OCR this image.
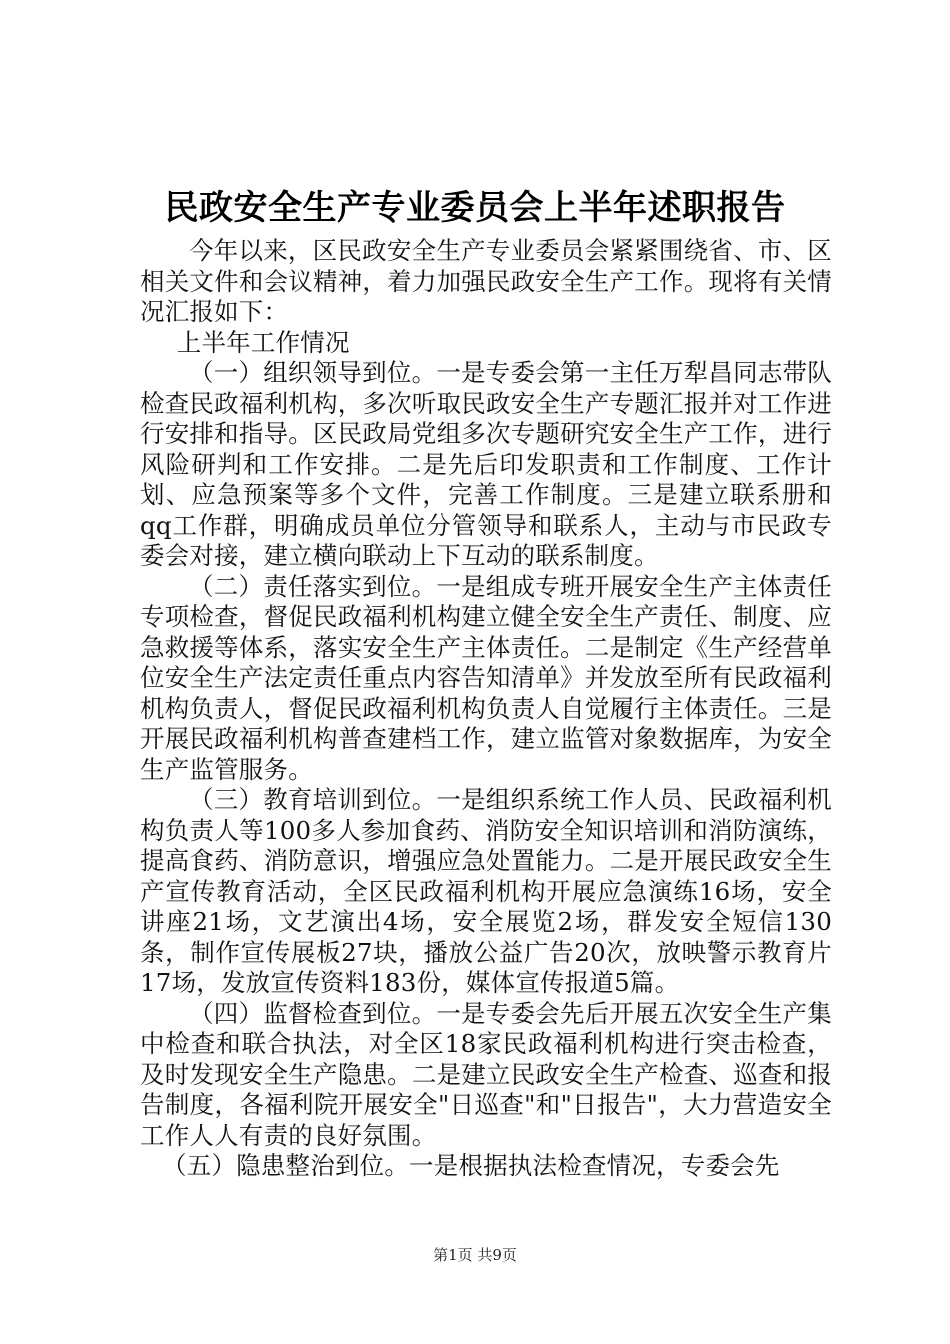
民政安全生产专业委员会上半年述职报告

今年以来，区民政安全生产专业委员会紧紧围绕省、市、区相关文件和会议精神，着力加强民政安全生产工作。现将有关情况汇报如下：

上半年工作情况

（一）组织领导到位。一是专委会第一主任万犁昌同志带队检查民政福利机构，多次听取民政安全生产专题汇报并对工作进行安排和指导。区民政局党组多次专题研究安全生产工作，进行风险研判和工作安排。二是先后印发职责和工作制度、工作计划、应急预案等多个文件，完善工作制度。三是建立联系册和qq工作群，明确成员单位分管领导和联系人，主动与市民政专委会对接，建立横向联动上下互动的联系制度。

（二）责任落实到位。一是组成专班开展安全生产主体责任专项检查，督促民政福利机构建立健全安全生产责任、制度、应急救援等体系，落实安全生产主体责任。二是制定《生产经营单位安全生产法定责任重点内容告知清单》并发放至所有民政福利机构负责人，督促民政福利机构负责人自觉履行主体责任。三是开展民政福利机构普查建档工作，建立监管对象数据库，为安全生产监管服务。

（三）教育培训到位。一是组织系统工作人员、民政福利机构负责人等100多人参加食药、消防安全知识培训和消防演练，提高食药、消防意识，增强应急处置能力。二是开展民政安全生产宣传教育活动，全区民政福利机构开展应急演练16场，安全讲座21场，文艺演出4场，安全展览2场，群发安全短信130条，制作宣传展板27块，播放公益广告20次，放映警示教育片17场，发放宣传资料183份，媒体宣传报道5篇。

（四）监督检查到位。一是专委会先后开展五次安全生产集中检查和联合执法，对全区18家民政福利机构进行突击检查，及时发现安全生产隐患。二是建立民政安全生产检查、巡查和报告制度，各福利院开展安全"日巡查"和"日报告"，大力营造安全工作人人有责的良好氛围。

（五）隐患整治到位。一是根据执法检查情况，专委会先

第1页 共9页
